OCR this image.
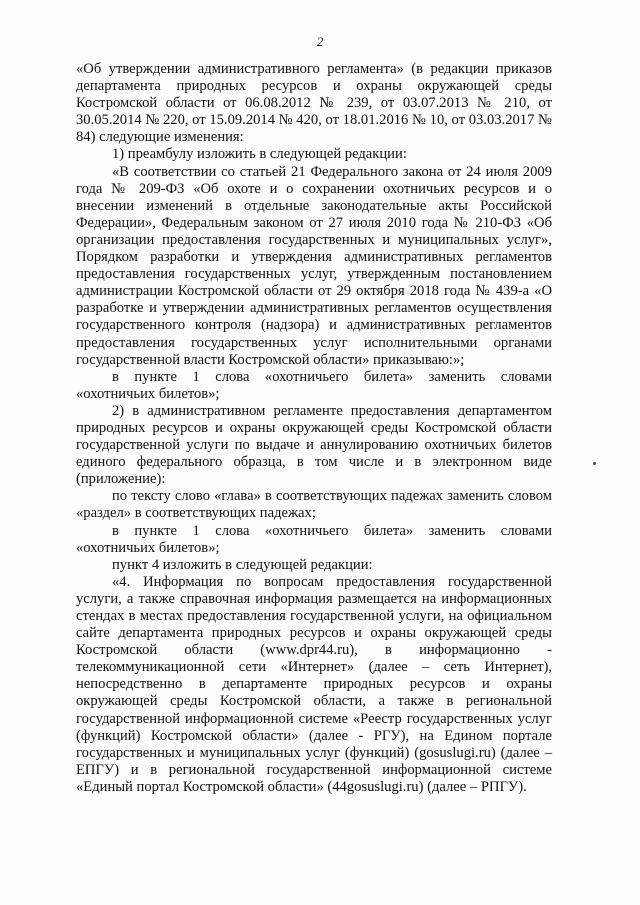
2

«Об утверждении административного регламента» (в редакции приказов департамента природных ресурсов и охраны окружающей среды Костромской области от 06.08.2012 № 239, от 03.07.2013 № 210, от 30.05.2014 № 220, от 15.09.2014 № 420, от 18.01.2016 № 10, от 03.03.2017 № 84) следующие изменения:

1) преамбулу изложить в следующей редакции:

«В соответствии со статьей 21 Федерального закона от 24 июля 2009 года № 209-ФЗ «Об охоте и о сохранении охотничьих ресурсов и о внесении изменений в отдельные законодательные акты Российской Федерации», Федеральным законом от 27 июля 2010 года № 210-ФЗ «Об организации предоставления государственных и муниципальных услуг», Порядком разработки и утверждения административных регламентов предоставления государственных услуг, утвержденным постановлением администрации Костромской области от 29 октября 2018 года № 439-а «О разработке и утверждении административных регламентов осуществления государственного контроля (надзора) и административных регламентов предоставления государственных услуг исполнительными органами государственной власти Костромской области» приказываю:»;

в пункте 1 слова «охотничьего билета» заменить словами «охотничьих билетов»;

2) в административном регламенте предоставления департаментом природных ресурсов и охраны окружающей среды Костромской области государственной услуги по выдаче и аннулированию охотничьих билетов единого федерального образца, в том числе и в электронном виде (приложение):

по тексту слово «глава» в соответствующих падежах заменить словом «раздел» в соответствующих падежах;

в пункте 1 слова «охотничьего билета» заменить словами «охотничьих билетов»;

пункт 4 изложить в следующей редакции:

«4. Информация по вопросам предоставления государственной услуги, а также справочная информация размещается на информационных стендах в местах предоставления государственной услуги, на официальном сайте департамента природных ресурсов и охраны окружающей среды Костромской области (www.dpr44.ru), в информационно - телекоммуникационной сети «Интернет» (далее – сеть Интернет), непосредственно в департаменте природных ресурсов и охраны окружающей среды Костромской области, а также в региональной государственной информационной системе «Реестр государственных услуг (функций) Костромской области» (далее - РГУ), на Едином портале государственных и муниципальных услуг (функций) (gosuslugi.ru) (далее – ЕПГУ) и в региональной государственной информационной системе «Единый портал Костромской области» (44gosuslugi.ru) (далее – РПГУ).
